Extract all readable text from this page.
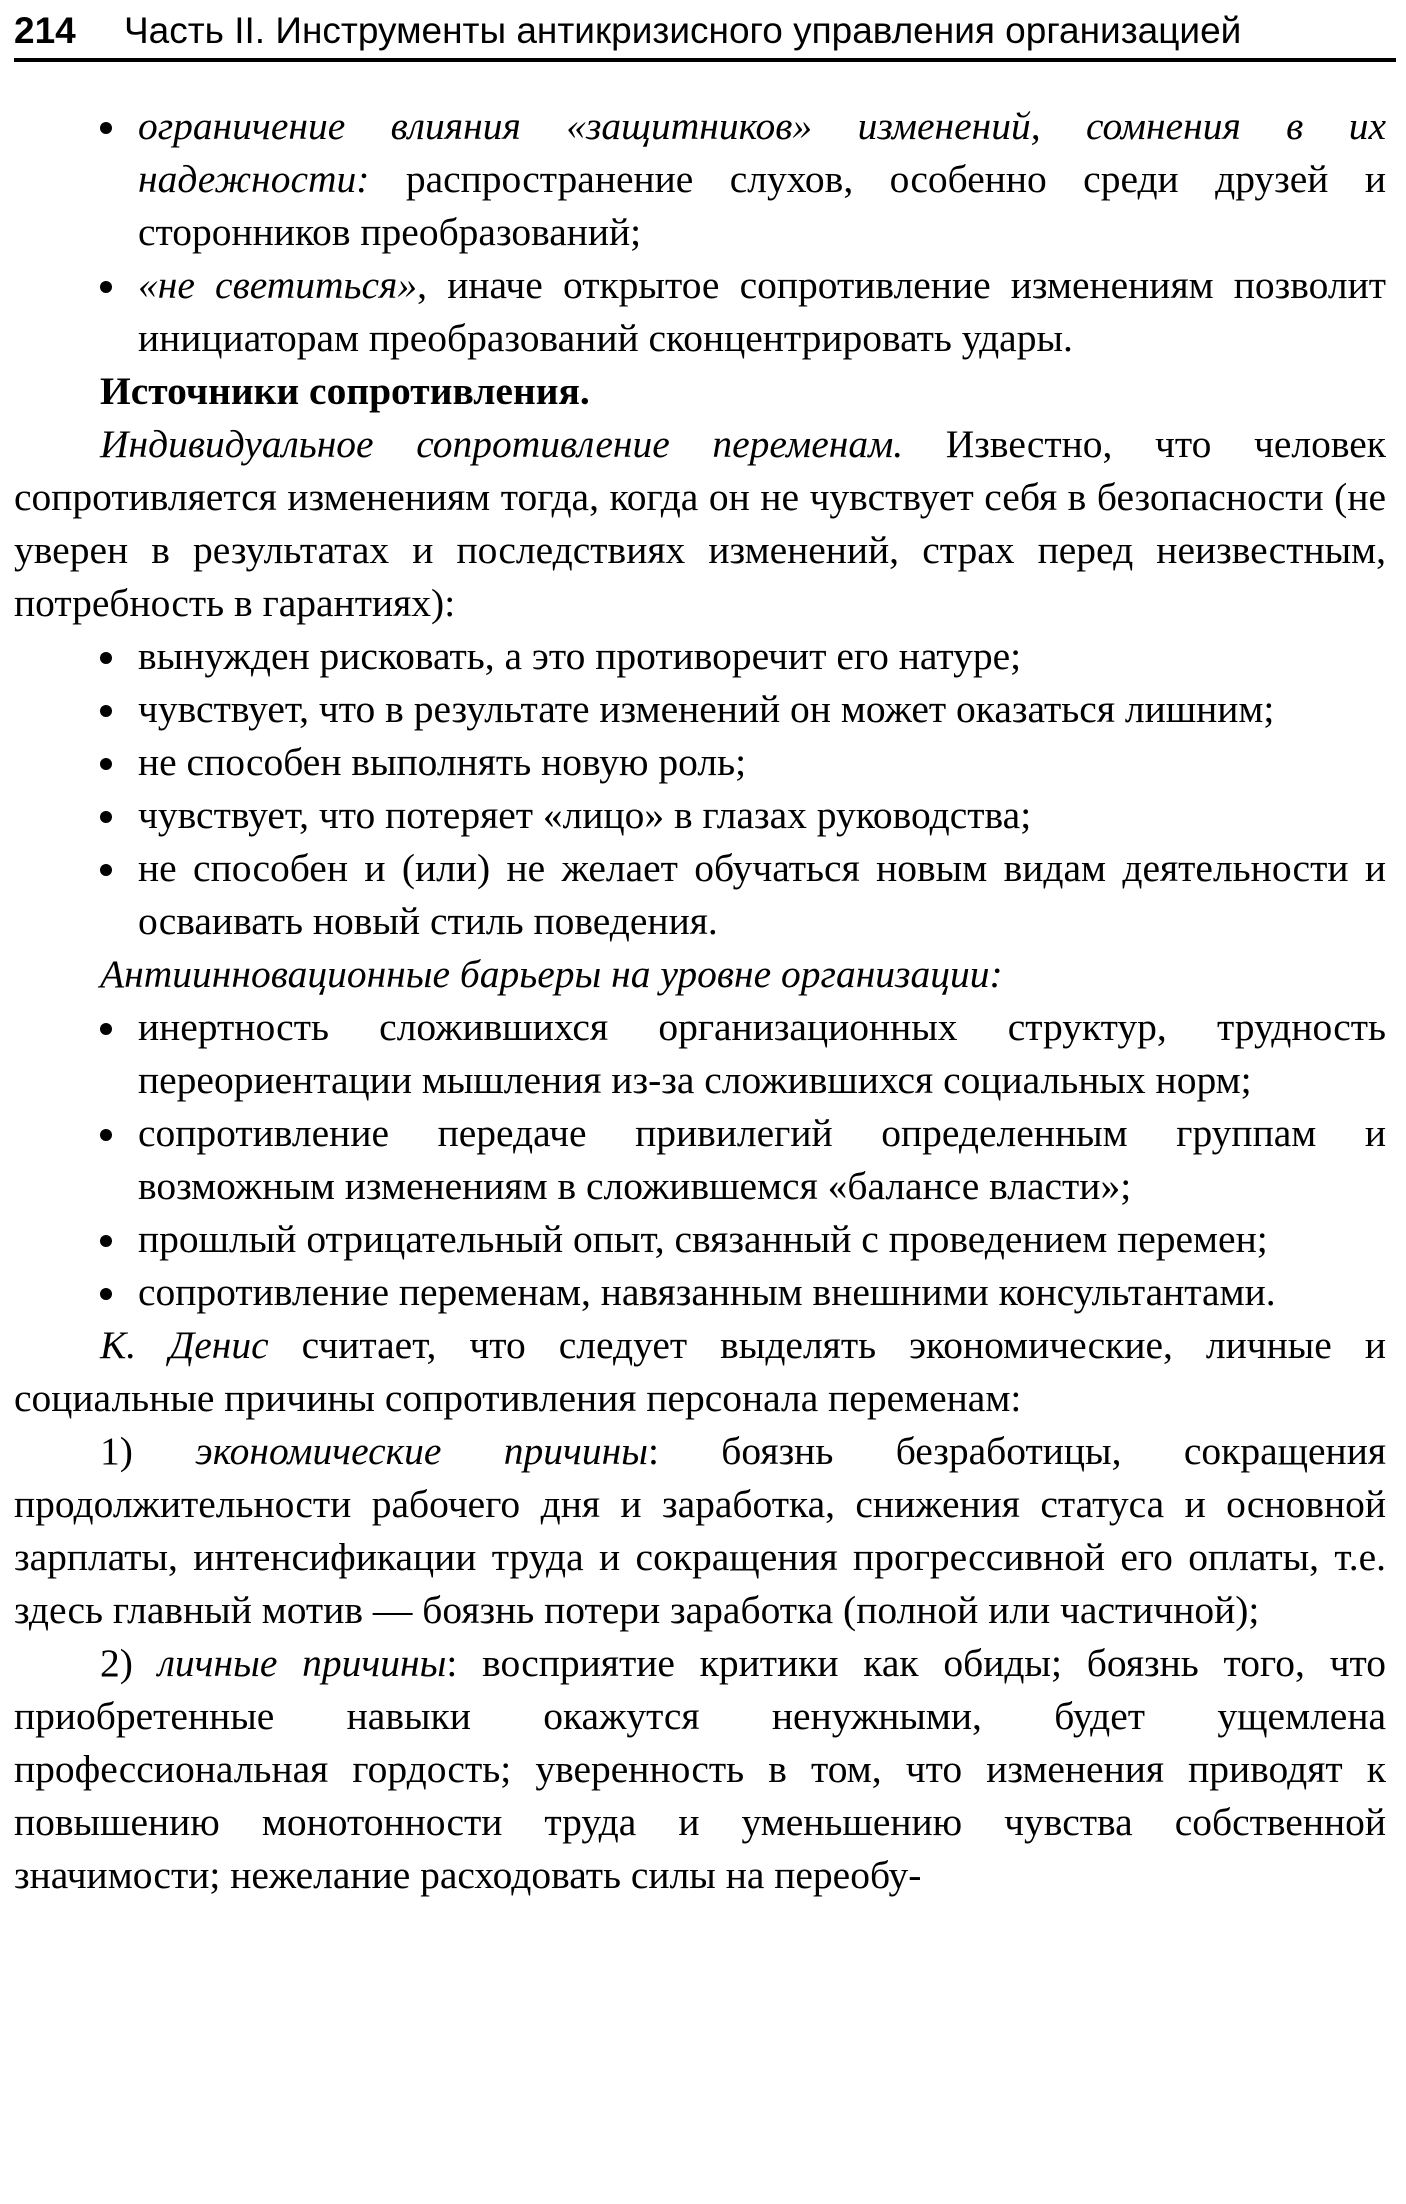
214 Часть II. Инструменты антикризисного управления организацией
ограничение влияния «защитников» изменений, сомнения в их надежности: распространение слухов, особенно среди друзей и сторонников преобразований;
«не светиться», иначе открытое сопротивление изменениям позволит инициаторам преобразований сконцентрировать удары.

Источники сопротивления.

Индивидуальное сопротивление переменам. Известно, что человек сопротивляется изменениям тогда, когда он не чувствует себя в безопасности (не уверен в результатах и последствиях изменений, страх перед неизвестным, потребность в гарантиях):

вынужден рисковать, а это противоречит его натуре;
чувствует, что в результате изменений он может оказаться лишним;
не способен выполнять новую роль;
чувствует, что потеряет «лицо» в глазах руководства;
не способен и (или) не желает обучаться новым видам деятельности и осваивать новый стиль поведения.

Антиинновационные барьеры на уровне организации:

инертность сложившихся организационных структур, трудность переориентации мышления из-за сложившихся социальных норм;
сопротивление передаче привилегий определенным группам и возможным изменениям в сложившемся «балансе власти»;
прошлый отрицательный опыт, связанный с проведением перемен;
сопротивление переменам, навязанным внешними консультантами.

К. Денис считает, что следует выделять экономические, личные и социальные причины сопротивления персонала переменам:

1) экономические причины: боязнь безработицы, сокращения продолжительности рабочего дня и заработка, снижения статуса и основной зарплаты, интенсификации труда и сокращения прогрессивной его оплаты, т.е. здесь главный мотив — боязнь потери заработка (полной или частичной);

2) личные причины: восприятие критики как обиды; боязнь того, что приобретенные навыки окажутся ненужными, будет ущемлена профессиональная гордость; уверенность в том, что изменения приводят к повышению монотонности труда и уменьшению чувства собственной значимости; нежелание расходовать силы на переобу-
